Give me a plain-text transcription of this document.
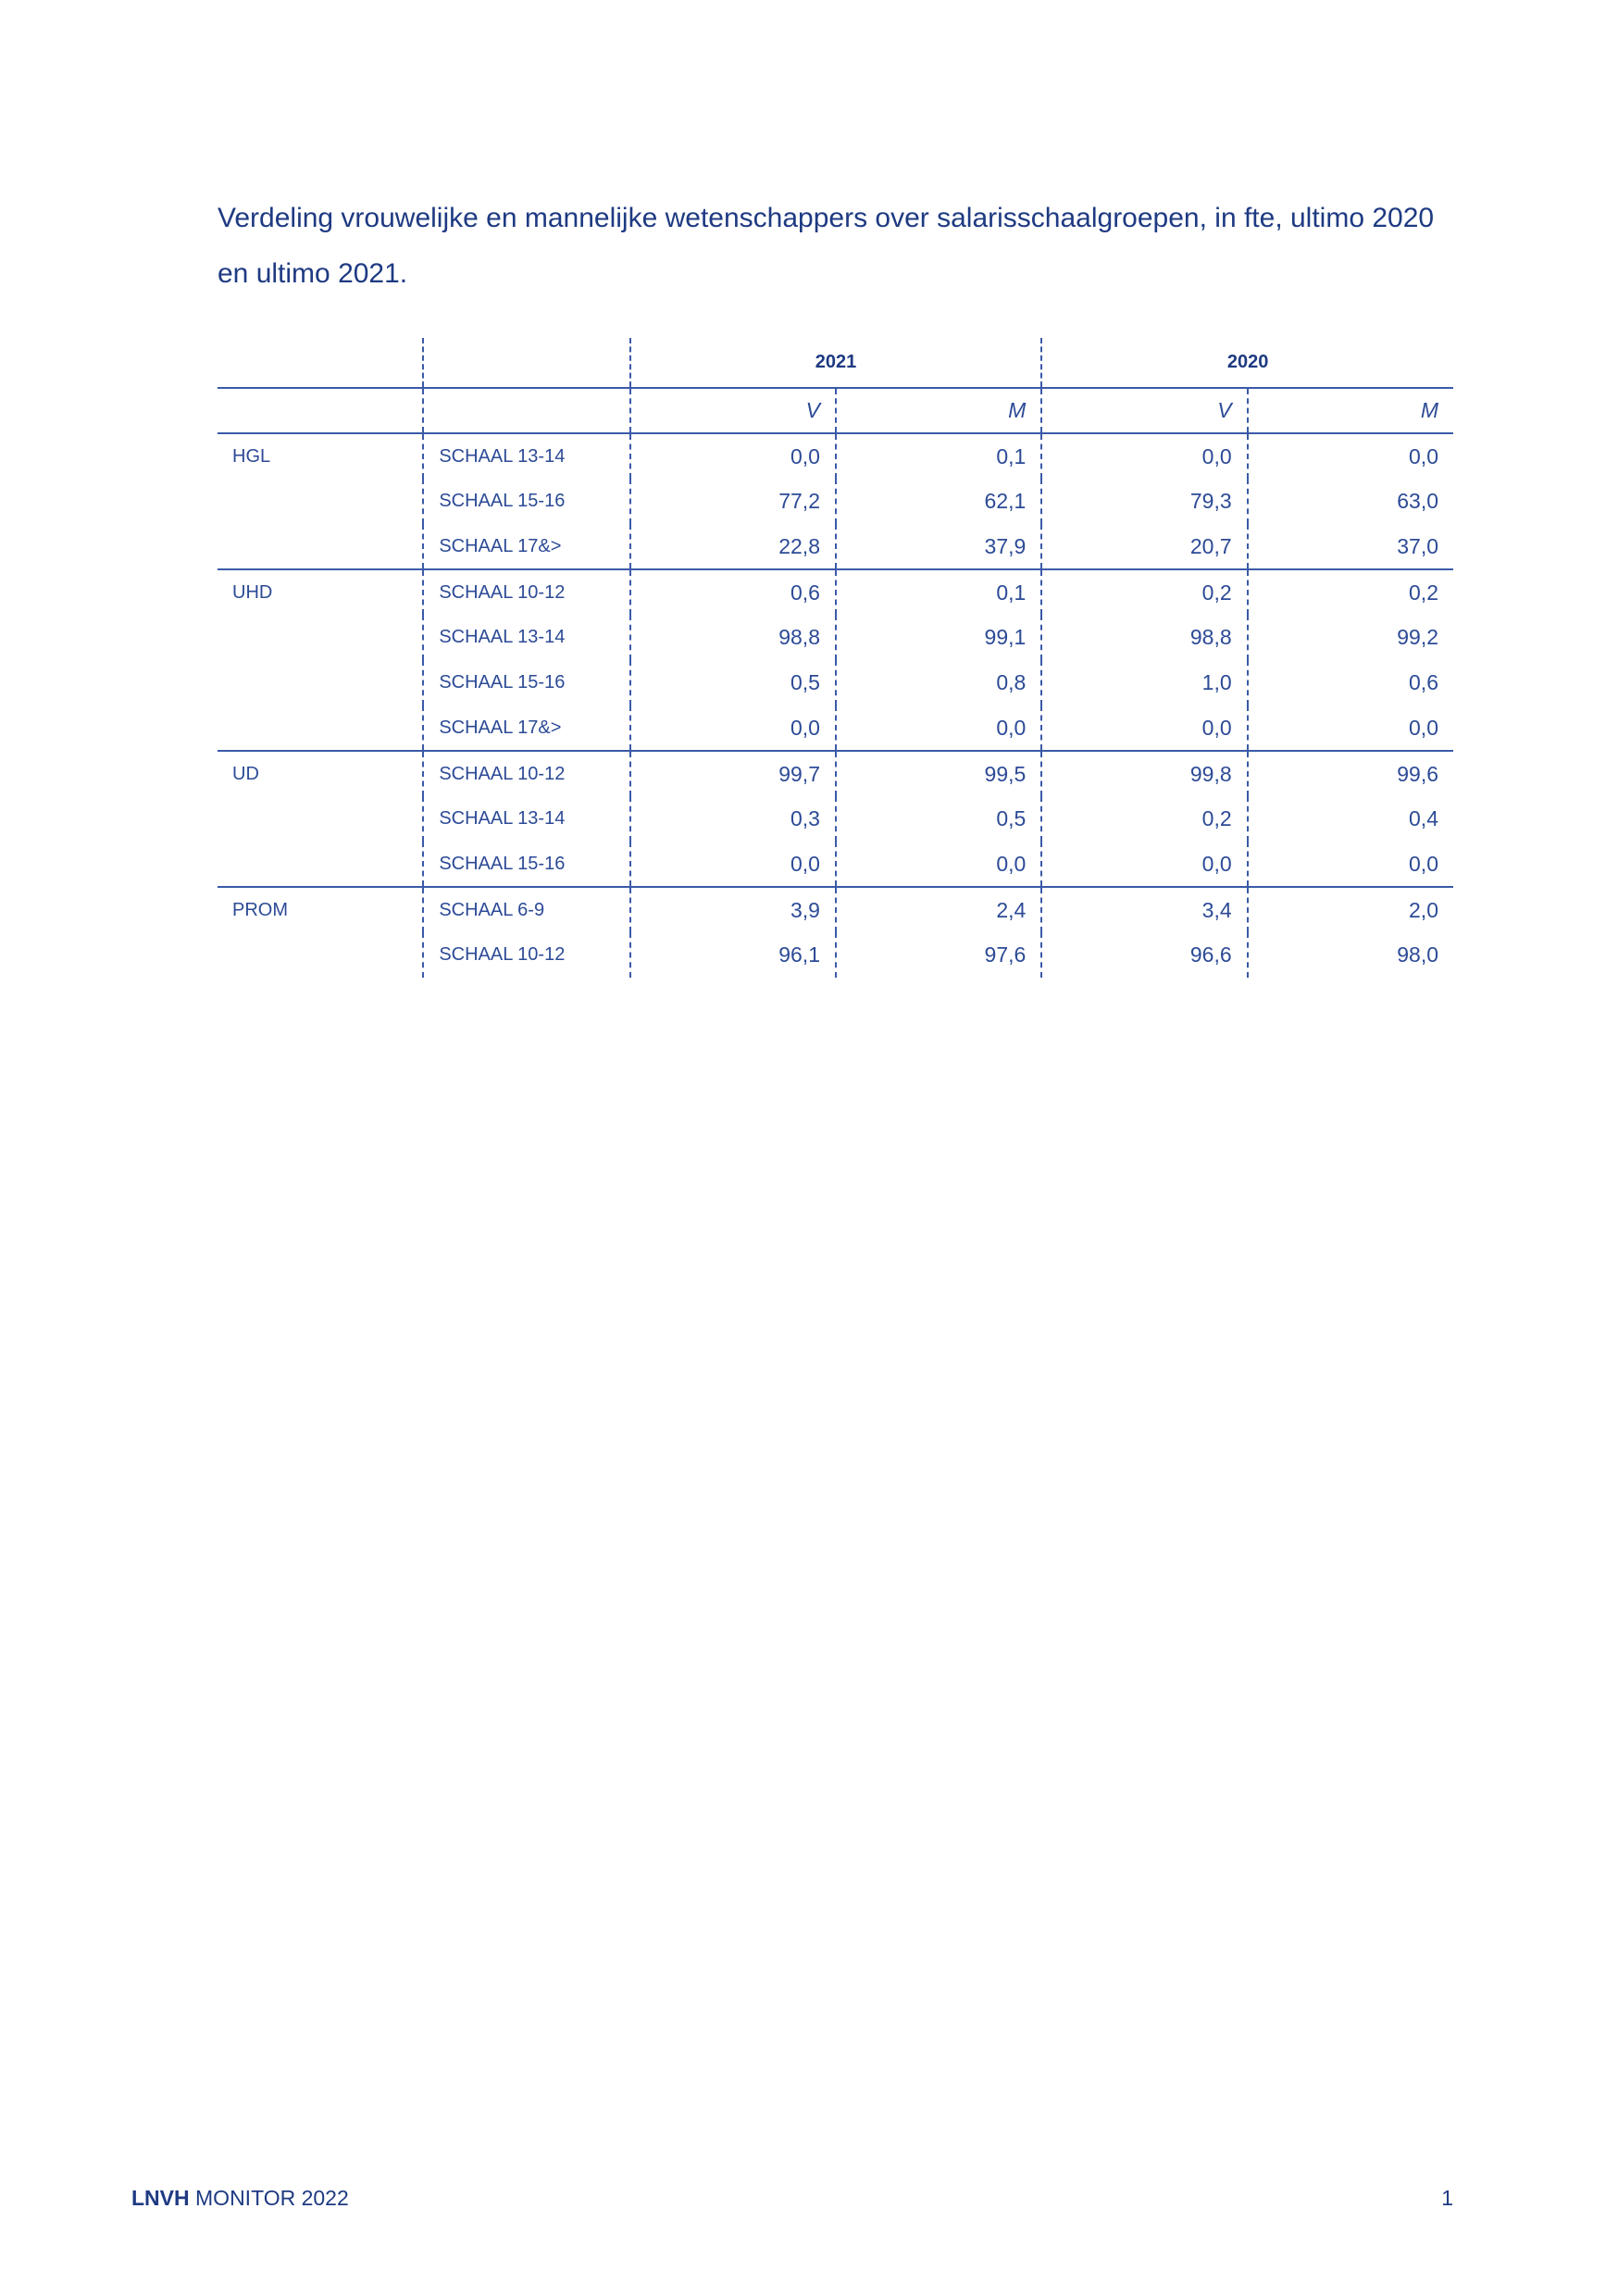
Verdeling vrouwelijke en mannelijke wetenschappers over salarisschaalgroepen, in fte, ultimo 2020 en ultimo 2021.
		2021		2020	
		V	M	V	M
HGL	SCHAAL 13-14	0,0	0,1	0,0	0,0
	SCHAAL 15-16	77,2	62,1	79,3	63,0
	SCHAAL 17&>	22,8	37,9	20,7	37,0
UHD	SCHAAL 10-12	0,6	0,1	0,2	0,2
	SCHAAL 13-14	98,8	99,1	98,8	99,2
	SCHAAL 15-16	0,5	0,8	1,0	0,6
	SCHAAL 17&>	0,0	0,0	0,0	0,0
UD	SCHAAL 10-12	99,7	99,5	99,8	99,6
	SCHAAL 13-14	0,3	0,5	0,2	0,4
	SCHAAL 15-16	0,0	0,0	0,0	0,0
PROM	SCHAAL 6-9	3,9	2,4	3,4	2,0
	SCHAAL 10-12	96,1	97,6	96,6	98,0
LNVH MONITOR 2022	1
